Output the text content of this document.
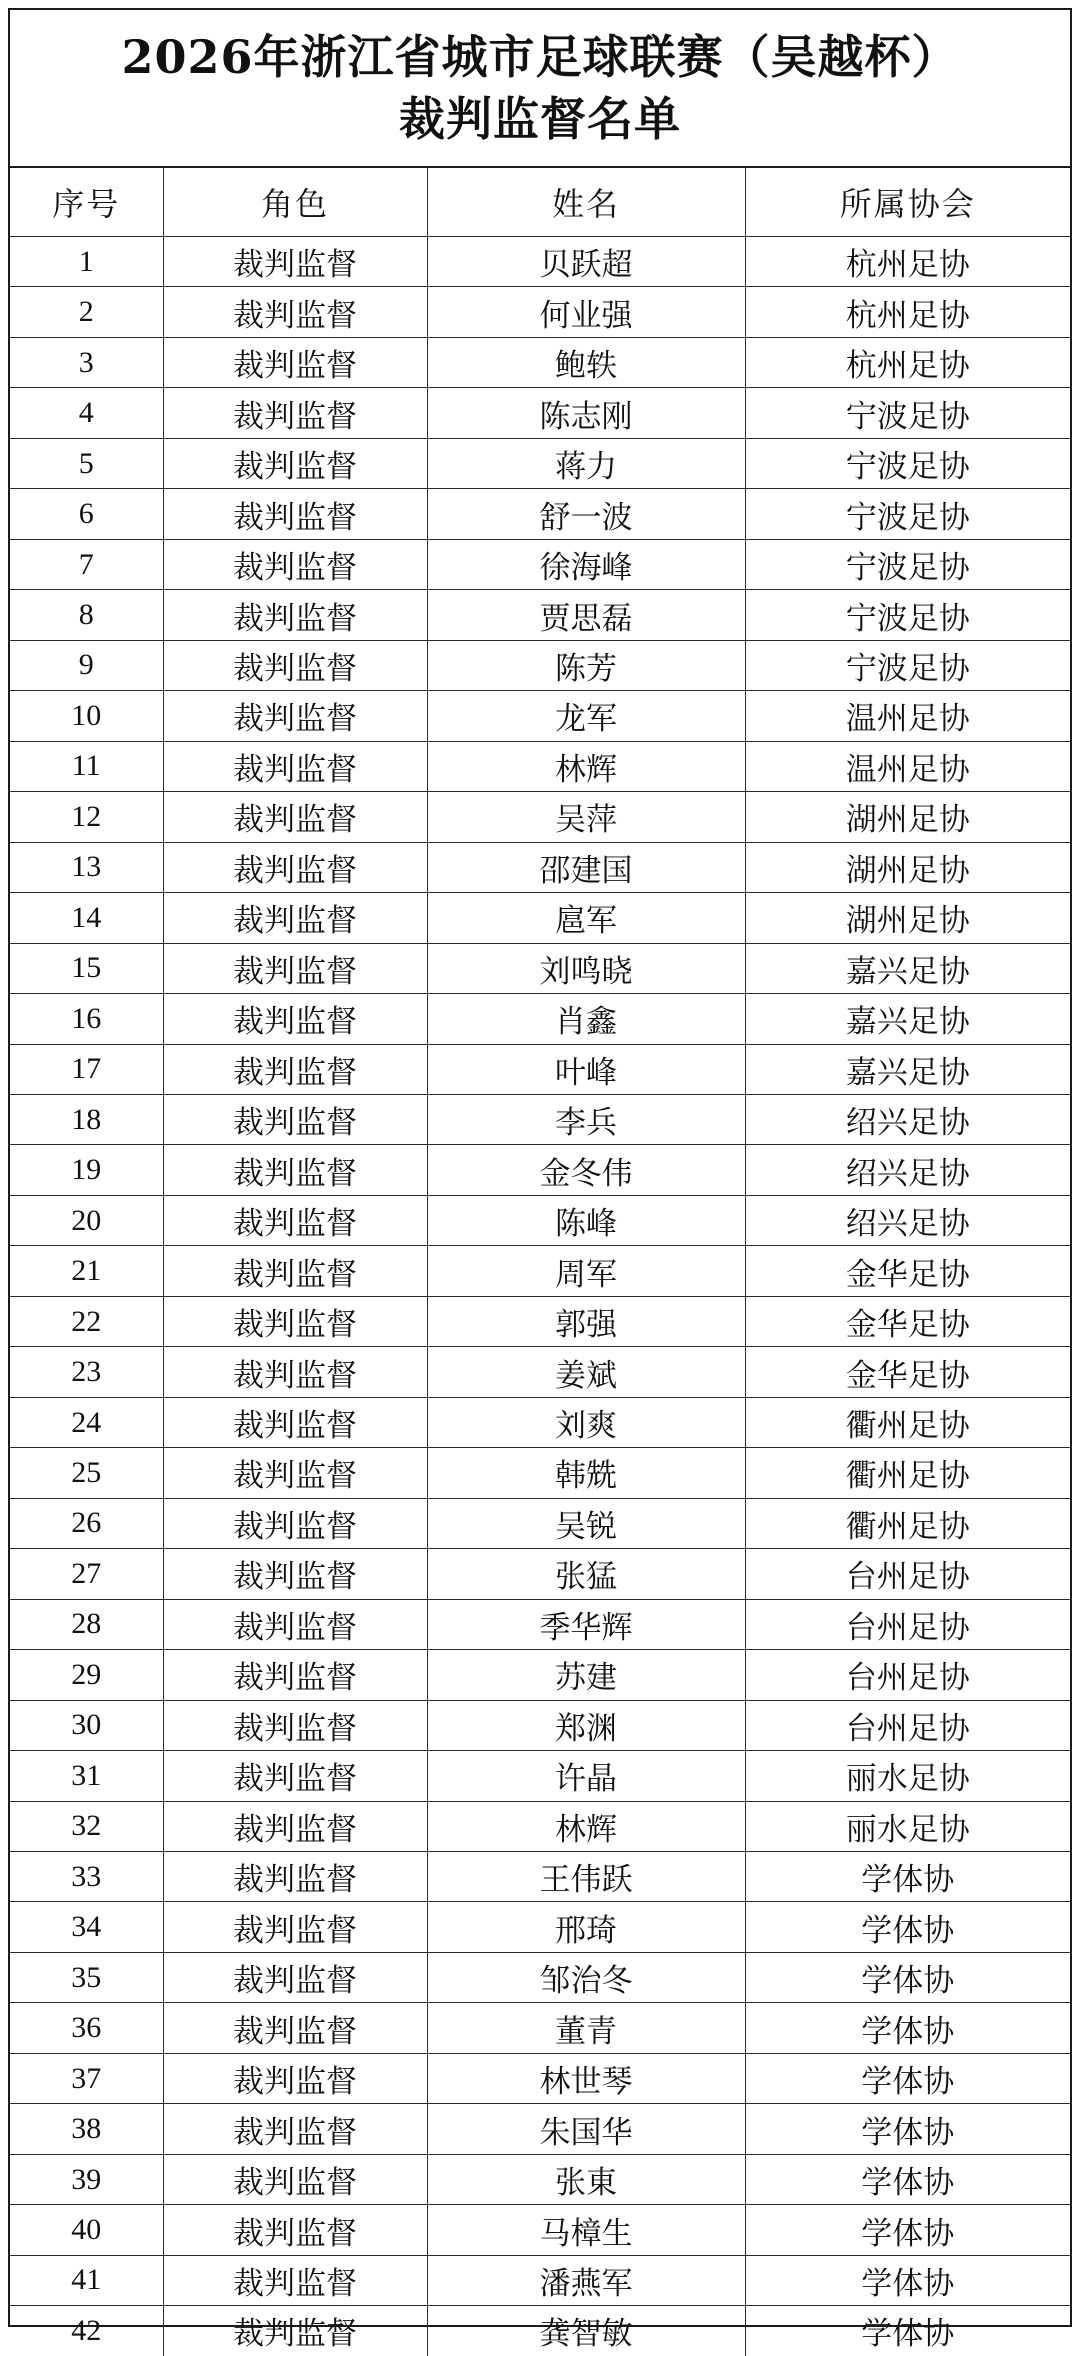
2026年浙江省城市足球联赛（吴越杯）
裁判监督名单
序号	角色	姓名	所属协会
1	裁判监督	贝跃超	杭州足协
2	裁判监督	何业强	杭州足协
3	裁判监督	鲍轶	杭州足协
4	裁判监督	陈志刚	宁波足协
5	裁判监督	蒋力	宁波足协
6	裁判监督	舒一波	宁波足协
7	裁判监督	徐海峰	宁波足协
8	裁判监督	贾思磊	宁波足协
9	裁判监督	陈芳	宁波足协
10	裁判监督	龙军	温州足协
11	裁判监督	林辉	温州足协
12	裁判监督	吴萍	湖州足协
13	裁判监督	邵建国	湖州足协
14	裁判监督	扈军	湖州足协
15	裁判监督	刘鸣晓	嘉兴足协
16	裁判监督	肖鑫	嘉兴足协
17	裁判监督	叶峰	嘉兴足协
18	裁判监督	李兵	绍兴足协
19	裁判监督	金冬伟	绍兴足协
20	裁判监督	陈峰	绍兴足协
21	裁判监督	周军	金华足协
22	裁判监督	郭强	金华足协
23	裁判监督	姜斌	金华足协
24	裁判监督	刘爽	衢州足协
25	裁判监督	韩兟	衢州足协
26	裁判监督	吴锐	衢州足协
27	裁判监督	张猛	台州足协
28	裁判监督	季华辉	台州足协
29	裁判监督	苏建	台州足协
30	裁判监督	郑渊	台州足协
31	裁判监督	许晶	丽水足协
32	裁判监督	林辉	丽水足协
33	裁判监督	王伟跃	学体协
34	裁判监督	邢琦	学体协
35	裁判监督	邹治冬	学体协
36	裁判监督	董青	学体协
37	裁判监督	林世琴	学体协
38	裁判监督	朱国华	学体协
39	裁判监督	张東	学体协
40	裁判监督	马樟生	学体协
41	裁判监督	潘燕军	学体协
42	裁判监督	龚智敏	学体协
